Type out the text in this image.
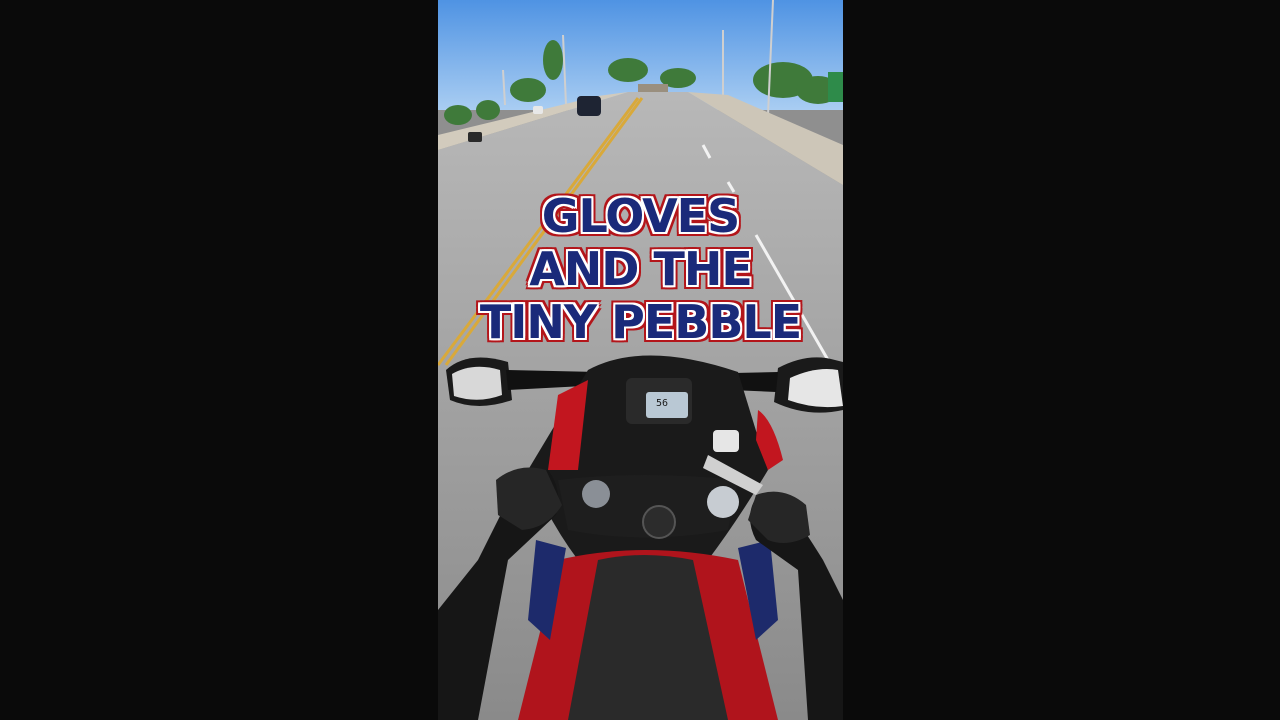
56
GLOVES
AND THE
TINY PEBBLE
